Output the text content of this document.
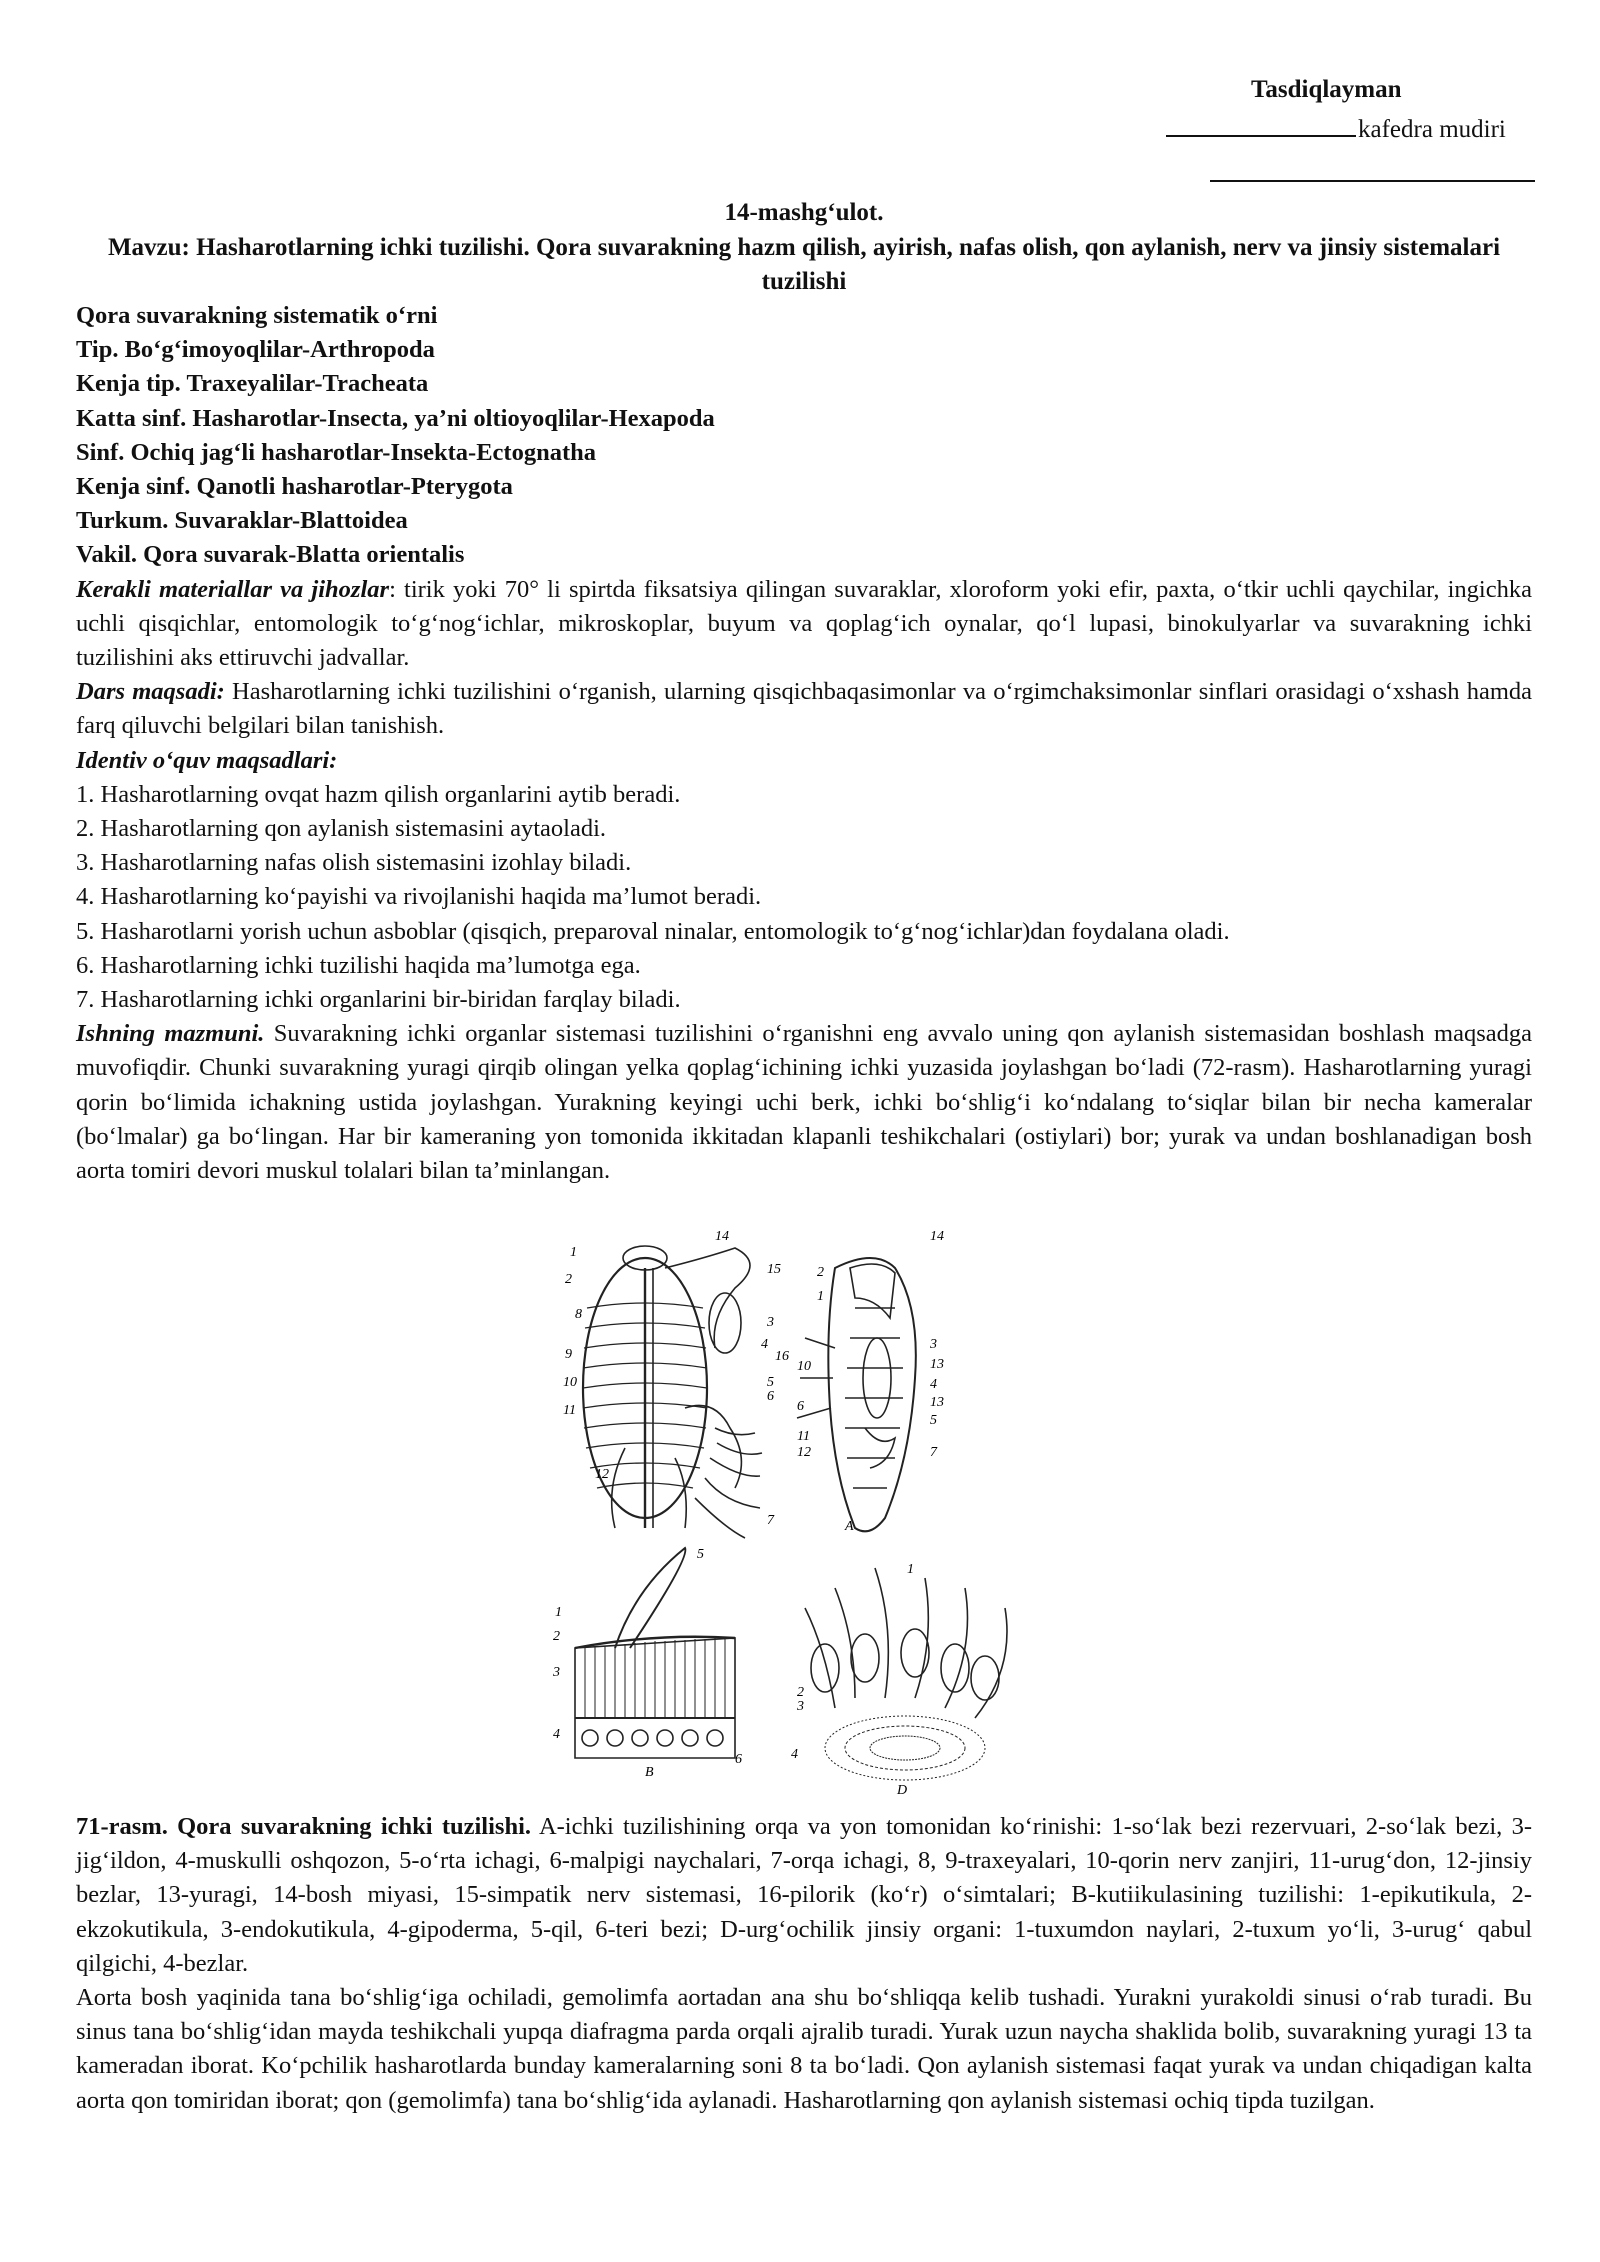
Tasdiqlayman
kafedra mudiri
14-mashg‘ulot.
Mavzu: Hasharotlarning ichki tuzilishi. Qora suvarakning hazm qilish, ayirish, nafas olish, qon aylanish, nerv va jinsiy sistemalari tuzilishi
Qora suvarakning sistematik o‘rni
Tip. Bo‘g‘imoyoqlilar-Arthropoda
Kenja tip. Traxeyalilar-Tracheata
Katta sinf. Hasharotlar-Insecta, ya’ni oltioyoqlilar-Hexapoda
Sinf. Ochiq jag‘li hasharotlar-Insekta-Ectognatha
Kenja sinf. Qanotli hasharotlar-Pterygota
Turkum. Suvaraklar-Blattoidea
Vakil. Qora suvarak-Blatta orientalis

Kerakli materiallar va jihozlar: tirik yoki 70° li spirtda fiksatsiya qilingan suvaraklar, xloroform yoki efir, paxta, o‘tkir uchli qaychilar, ingichka uchli qisqichlar, entomologik to‘g‘nog‘ichlar, mikroskoplar, buyum va qoplag‘ich oynalar, qo‘l lupasi, binokulyarlar va suvarakning ichki tuzilishini aks ettiruvchi jadvallar.

Dars maqsadi: Hasharotlarning ichki tuzilishini o‘rganish, ularning qisqichbaqasimonlar va o‘rgimchaksimonlar sinflari orasidagi o‘xshash hamda farq qiluvchi belgilari bilan tanishish.

Identiv o‘quv maqsadlari:
1. Hasharotlarning ovqat hazm qilish organlarini aytib beradi.
2. Hasharotlarning qon aylanish sistemasini aytaoladi.
3. Hasharotlarning nafas olish sistemasini izohlay biladi.
4. Hasharotlarning ko‘payishi va rivojlanishi haqida ma’lumot beradi.
5. Hasharotlarni yorish uchun asboblar (qisqich, preparoval ninalar, entomologik to‘g‘nog‘ichlar)dan foydalana oladi.
6. Hasharotlarning ichki tuzilishi haqida ma’lumotga ega.
7. Hasharotlarning ichki organlarini bir-biridan farqlay biladi.

Ishning mazmuni. Suvarakning ichki organlar sistemasi tuzilishini o‘rganishni eng avvalo uning qon aylanish sistemasidan boshlash maqsadga muvofiqdir. Chunki suvarakning yuragi qirqib olingan yelka qoplag‘ichining ichki yuzasida joylashgan bo‘ladi (72-rasm). Hasharotlarning yuragi qorin bo‘limida ichakning ustida joylashgan. Yurakning keyingi uchi berk, ichki bo‘shlig‘i ko‘ndalang to‘siqlar bilan bir necha kameralar (bo‘lmalar) ga bo‘lingan. Har bir kameraning yon tomonida ikkitadan klapanli teshikchalari (ostiylari) bor; yurak va undan boshlanadigan bosh aorta tomiri devori muskul tolalari bilan ta’minlangan.

14
1
15
2
8
3
4
9	16
10	5
6
11
12
7
14
2
1
3
10	13
4
6	13
11
5
12	7
A
5
1
2
3
4
6
B
1
2
3
4
D

71-rasm. Qora suvarakning ichki tuzilishi. A-ichki tuzilishining orqa va yon tomonidan ko‘rinishi: 1-so‘lak bezi rezervuari, 2-so‘lak bezi, 3-jig‘ildon, 4-muskulli oshqozon, 5-o‘rta ichagi, 6-malpigi naychalari, 7-orqa ichagi, 8, 9-traxeyalari, 10-qorin nerv zanjiri, 11-urug‘don, 12-jinsiy bezlar, 13-yuragi, 14-bosh miyasi, 15-simpatik nerv sistemasi, 16-pilorik (ko‘r) o‘simtalari; B-kutiikulasining tuzilishi: 1-epikutikula, 2-ekzokutikula, 3-endokutikula, 4-gipoderma, 5-qil, 6-teri bezi; D-urg‘ochilik jinsiy organi: 1-tuxumdon naylari, 2-tuxum yo‘li, 3-urug‘ qabul qilgichi, 4-bezlar.

Aorta bosh yaqinida tana bo‘shlig‘iga ochiladi, gemolimfa aortadan ana shu bo‘shliqqa kelib tushadi. Yurakni yurakoldi sinusi o‘rab turadi. Bu sinus tana bo‘shlig‘idan mayda teshikchali yupqa diafragma parda orqali ajralib turadi. Yurak uzun naycha shaklida bolib, suvarakning yuragi 13 ta kameradan iborat. Ko‘pchilik hasharotlarda bunday kameralarning soni 8 ta bo‘ladi. Qon aylanish sistemasi faqat yurak va undan chiqadigan kalta aorta qon tomiridan iborat; qon (gemolimfa) tana bo‘shlig‘ida aylanadi. Hasharotlarning qon aylanish sistemasi ochiq tipda tuzilgan.
